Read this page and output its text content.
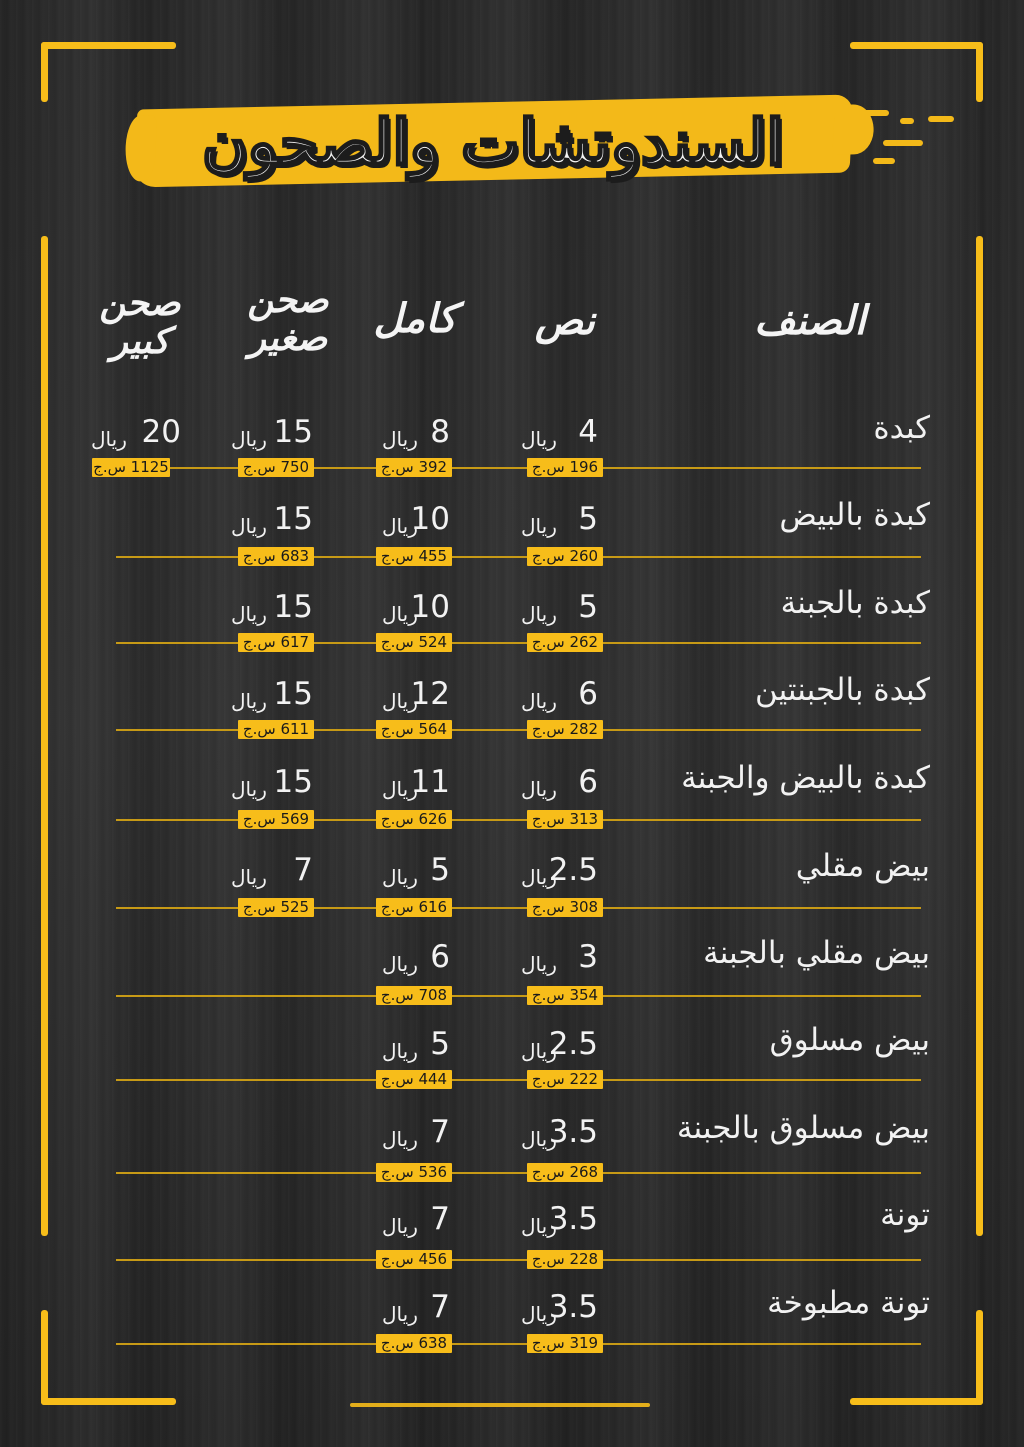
السندوتشات والصحون
الصنف
نص
كامل
صحن
صغير
صحن
كبير
كبدة
4
ريال
196 س.ج
8
ريال
392 س.ج
15
ريال
750 س.ج
20
ريال
1125 س.ج
كبدة بالبيض
5
ريال
260 س.ج
10
ريال
455 س.ج
15
ريال
683 س.ج
كبدة بالجبنة
5
ريال
262 س.ج
10
ريال
524 س.ج
15
ريال
617 س.ج
كبدة بالجبنتين
6
ريال
282 س.ج
12
ريال
564 س.ج
15
ريال
611 س.ج
كبدة بالبيض والجبنة
6
ريال
313 س.ج
11
ريال
626 س.ج
15
ريال
569 س.ج
بيض مقلي
2.5
ريال
308 س.ج
5
ريال
616 س.ج
7
ريال
525 س.ج
بيض مقلي بالجبنة
3
ريال
354 س.ج
6
ريال
708 س.ج
بيض مسلوق
2.5
ريال
222 س.ج
5
ريال
444 س.ج
بيض مسلوق بالجبنة
3.5
ريال
268 س.ج
7
ريال
536 س.ج
تونة
3.5
ريال
228 س.ج
7
ريال
456 س.ج
تونة مطبوخة
3.5
ريال
319 س.ج
7
ريال
638 س.ج
